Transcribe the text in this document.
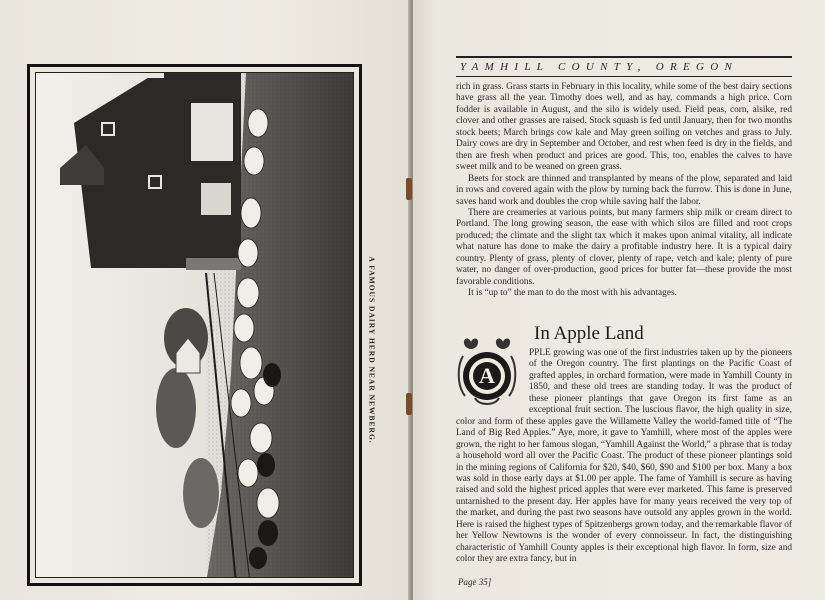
A FAMOUS DAIRY HERD NEAR NEWBERG.
YAMHILL COUNTY, OREGON

rich in grass. Grass starts in February in this locality, while some of the best dairy sections have grass all the year. Timothy does well, and as hay, commands a high price. Corn fodder is available in August, and the silo is widely used. Field peas, corn, alsike, red clover and other grasses are raised. Stock squash is fed until January, then for two months stock beets; March brings cow kale and May green soiling on vetches and grass to July. Dairy cows are dry in September and October, and rest when feed is dry in the fields, and then are fresh when product and prices are good. This, too, enables the calves to have sweet milk and to be weaned on green grass.

Beets for stock are thinned and transplanted by means of the plow, separated and laid in rows and covered again with the plow by turning back the furrow. This is done in June, saves hand work and doubles the crop while saving half the labor.

There are creameries at various points, but many farmers ship milk or cream direct to Portland. The long growing season, the ease with which silos are filled and root crops produced; the climate and the slight tax which it makes upon animal vitality, all indicate what nature has done to make the dairy a profitable industry here. It is a typical dairy country. Plenty of grass, plenty of clover, plenty of rape, vetch and kale; plenty of pure water, no danger of over-production, good prices for butter fat—these provide the most favorable conditions.

It is “up to” the man to do the most with his advantages.

In Apple Land
A

PPLE growing was one of the first industries taken up by the pioneers of the Oregon country. The first plantings on the Pacific Coast of grafted apples, in orchard formation, were made in Yamhill County in 1850, and these old trees are standing today. It was the product of these pioneer plantings that gave Oregon its first fame as an exceptional fruit section. The luscious flavor, the high quality in size, color and form of these apples gave the Willamette Valley the world-famed title of “The Land of Big Red Apples.” Aye, more, it gave to Yamhill, where most of the apples were grown, the right to her famous slogan, “Yamhill Against the World,” a phrase that is today a household word all over the Pacific Coast. The product of these pioneer plantings sold in the mining regions of California for $20, $40, $60, $90 and $100 per box. Many a box was sold in those early days at $1.00 per apple. The fame of Yamhill is secure as having raised and sold the highest priced apples that were ever marketed. This fame is preserved untarnished to the present day. Her apples have for many years received the very top of the market, and during the past two seasons have outsold any apples grown in the world. Here is raised the highest types of Spitzenbergs grown today, and the remarkable flavor of her Yellow Newtowns is the wonder of every connoisseur. In fact, the distinguishing characteristic of Yamhill County apples is their exceptional high flavor. In form, size and color they are extra fancy, but in

Page 35]
